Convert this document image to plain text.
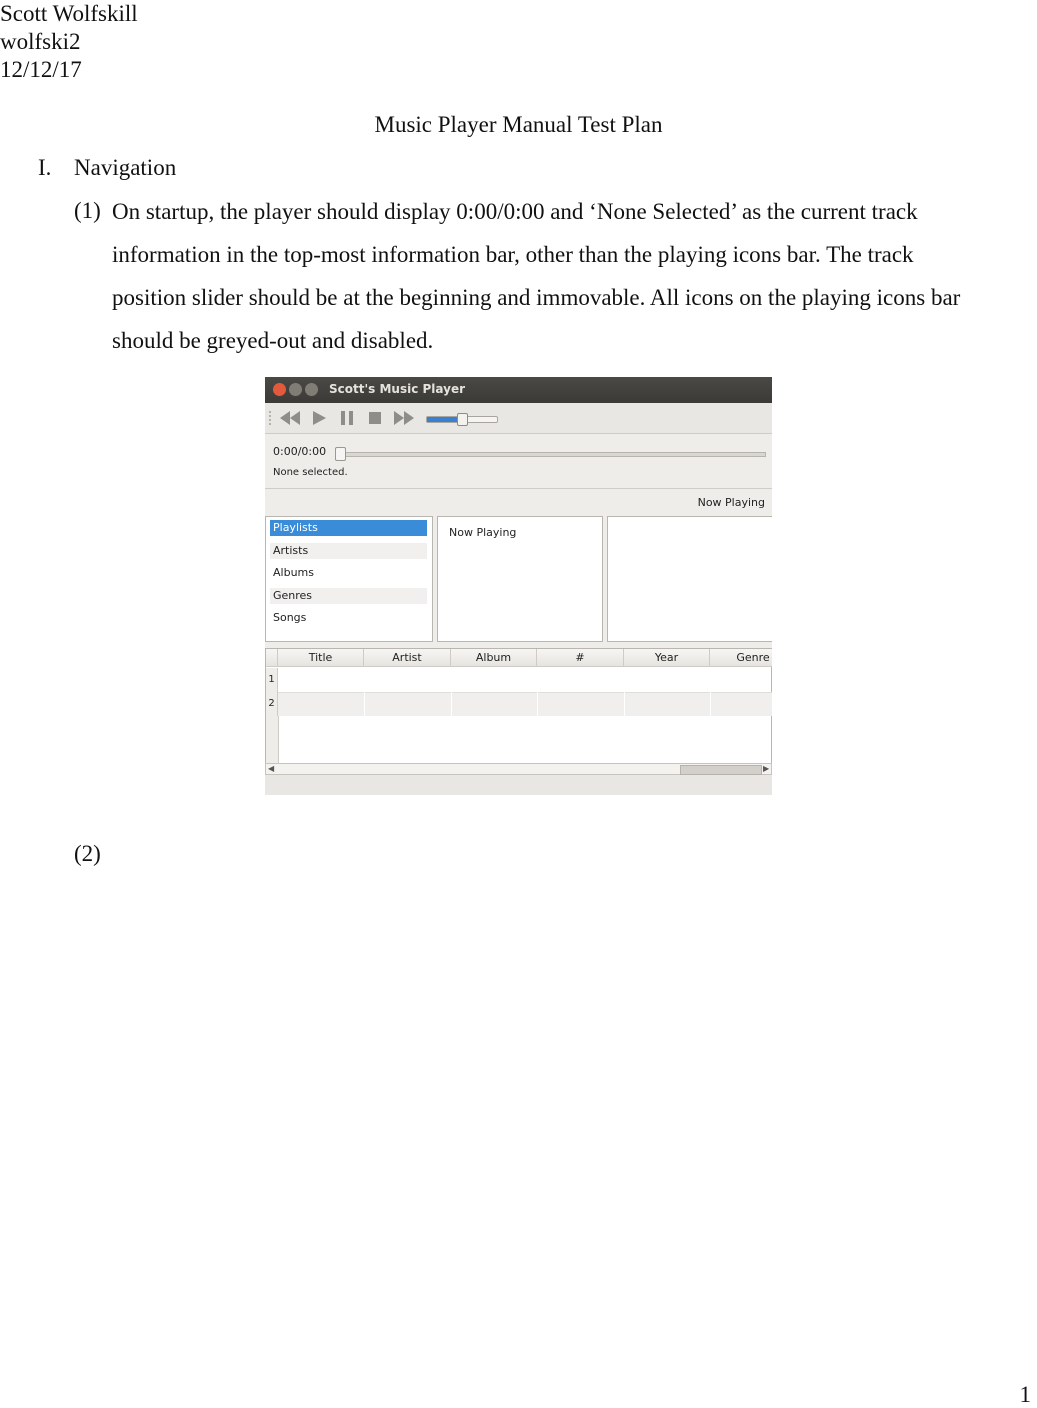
Scott Wolfskill
wolfski2
12/12/17
Music Player Manual Test Plan
I. Navigation
(1) On startup, the player should display 0:00/0:00 and ‘None Selected’ as the current track
information in the top-most information bar, other than the playing icons bar. The track
position slider should be at the beginning and immovable. All icons on the playing icons bar
should be greyed-out and disabled.
Scott's Music Player
0:00/0:00
None selected.
Now Playing
Playlists
Artists
Albums
Genres
Songs
Now Playing
Title	Artist	Album	#	Year	Genre
1
2
◀	▶
(2)
1
